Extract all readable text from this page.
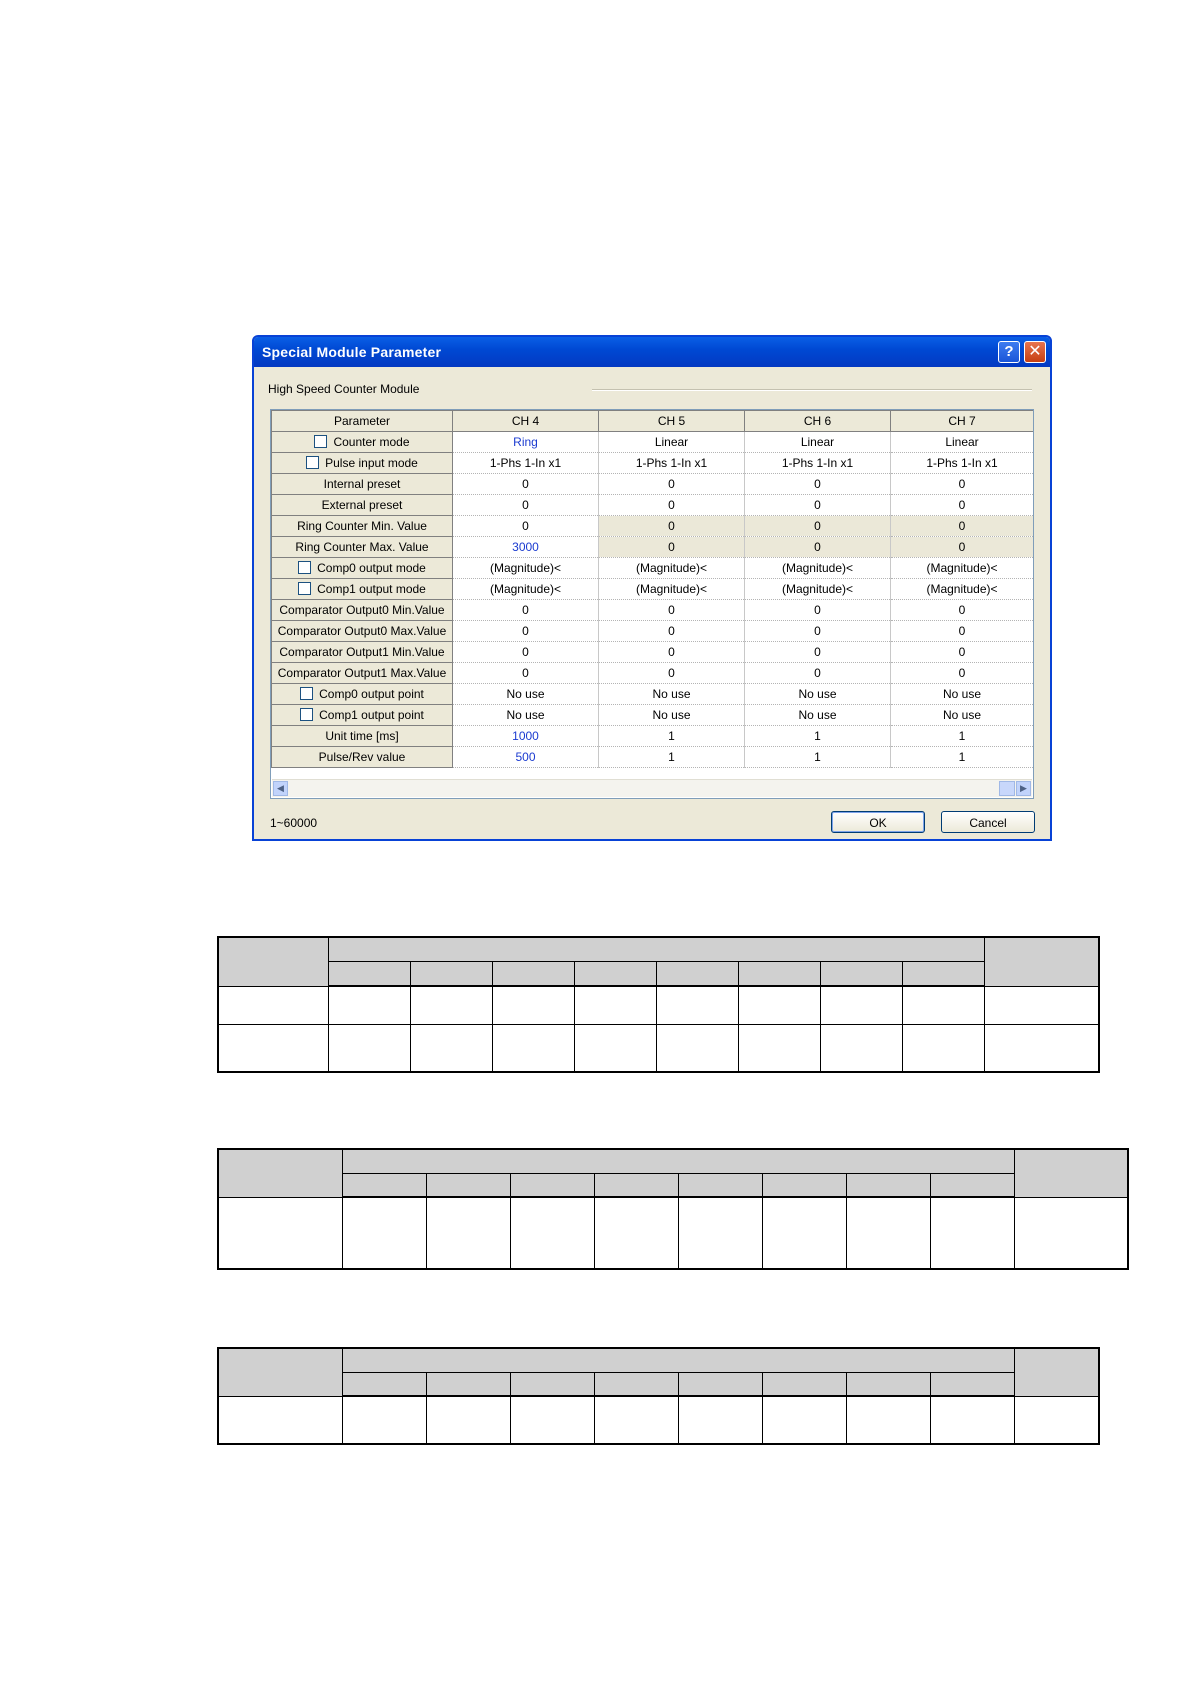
Special Module Parameter	? ✕
High Speed Counter Module
Parameter	CH 4	CH 5	CH 6	CH 7
Counter mode	Ring	Linear	Linear	Linear
Pulse input mode	1-Phs 1-In x1	1-Phs 1-In x1	1-Phs 1-In x1	1-Phs 1-In x1
Internal preset	0	0	0	0
External preset	0	0	0	0
Ring Counter Min. Value	0	0	0	0
Ring Counter Max. Value	3000	0	0	0
Comp0 output mode	(Magnitude)<	(Magnitude)<	(Magnitude)<	(Magnitude)<
Comp1 output mode	(Magnitude)<	(Magnitude)<	(Magnitude)<	(Magnitude)<
Comparator Output0 Min.Value	0	0	0	0
Comparator Output0 Max.Value	0	0	0	0
Comparator Output1 Min.Value	0	0	0	0
Comparator Output1 Max.Value	0	0	0	0
Comp0 output point	No use	No use	No use	No use
Comp1 output point	No use	No use	No use	No use
Unit time [ms]	1000	1	1	1
Pulse/Rev value	500	1	1	1
◀	▶
1~60000	OK	Cancel
